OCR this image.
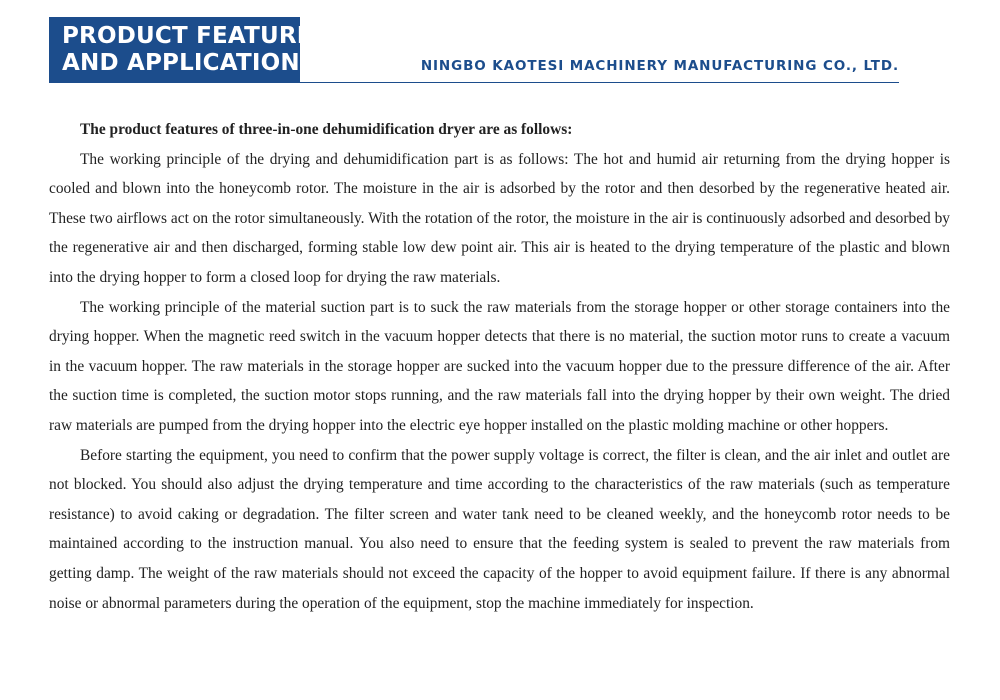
PRODUCT FEATURE
AND APPLICATION	NINGBO KAOTESI MACHINERY MANUFACTURING CO., LTD.

The product features of three-in-one dehumidification dryer are as follows:

The working principle of the drying and dehumidification part is as follows: The hot and humid air returning from the drying hopper is cooled and blown into the honeycomb rotor. The moisture in the air is adsorbed by the rotor and then desorbed by the regenerative heated air. These two airflows act on the rotor simultaneously. With the rotation of the rotor, the moisture in the air is continuously adsorbed and desorbed by the regenerative air and then discharged, forming stable low dew point air. This air is heated to the drying temperature of the plastic and blown into the drying hopper to form a closed loop for drying the raw materials.

The working principle of the material suction part is to suck the raw materials from the storage hopper or other storage containers into the drying hopper. When the magnetic reed switch in the vacuum hopper detects that there is no material, the suction motor runs to create a vacuum in the vacuum hopper. The raw materials in the storage hopper are sucked into the vacuum hopper due to the pressure difference of the air. After the suction time is completed, the suction motor stops running, and the raw materials fall into the drying hopper by their own weight. The dried raw materials are pumped from the drying hopper into the electric eye hopper installed on the plastic molding machine or other hoppers.

Before starting the equipment, you need to confirm that the power supply voltage is correct, the filter is clean, and the air inlet and outlet are not blocked. You should also adjust the drying temperature and time according to the characteristics of the raw materials (such as temperature resistance) to avoid caking or degradation. The filter screen and water tank need to be cleaned weekly, and the honeycomb rotor needs to be maintained according to the instruction manual. You also need to ensure that the feeding system is sealed to prevent the raw materials from getting damp. The weight of the raw materials should not exceed the capacity of the hopper to avoid equipment failure. If there is any abnormal noise or abnormal parameters during the operation of the equipment, stop the machine immediately for inspection.
